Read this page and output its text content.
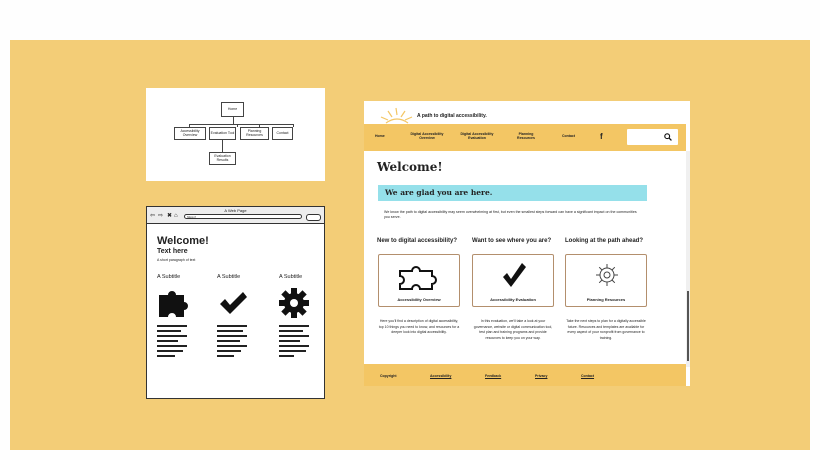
Home
Accessibility Overview	Evaluation Tool	Planning Resources	Contact
Evaluation Results
A Web Page
⇦ ⇨ ✖ ⌂	https://
Welcome!
Text here
A short paragraph of text
A Subtitle	A Subtitle	A Subtitle
A path to digital accessibility.
Home	Digital Accessibility Overview
Digital Accessibility Evaluation
Planning Resources
Contact	f
Welcome!
We are glad you are here.
We know the path to digital accessibility may seem overwhelming at first, but even the smallest steps forward can have a significant impact on the communities you serve.
New to digital accessibility? Want to see where you are? Looking at the path ahead?
Accessibility Overview	Accessibility Evaluation	Planning Resources
Here you'll find a description of digital accessibility, top 10 things you need to know, and resources for a deeper look into digital accessibility.
In this evaluation, we'll take a look at your governance, website or digital communication tool, test plan and training programs and provide resources to keep you on your way.
Take the next steps to plan for a digitally accessible future. Resources and templates are available for every aspect of your nonprofit from governance to training.
Copyright	Accessibility	Feedback	Privacy	Contact
